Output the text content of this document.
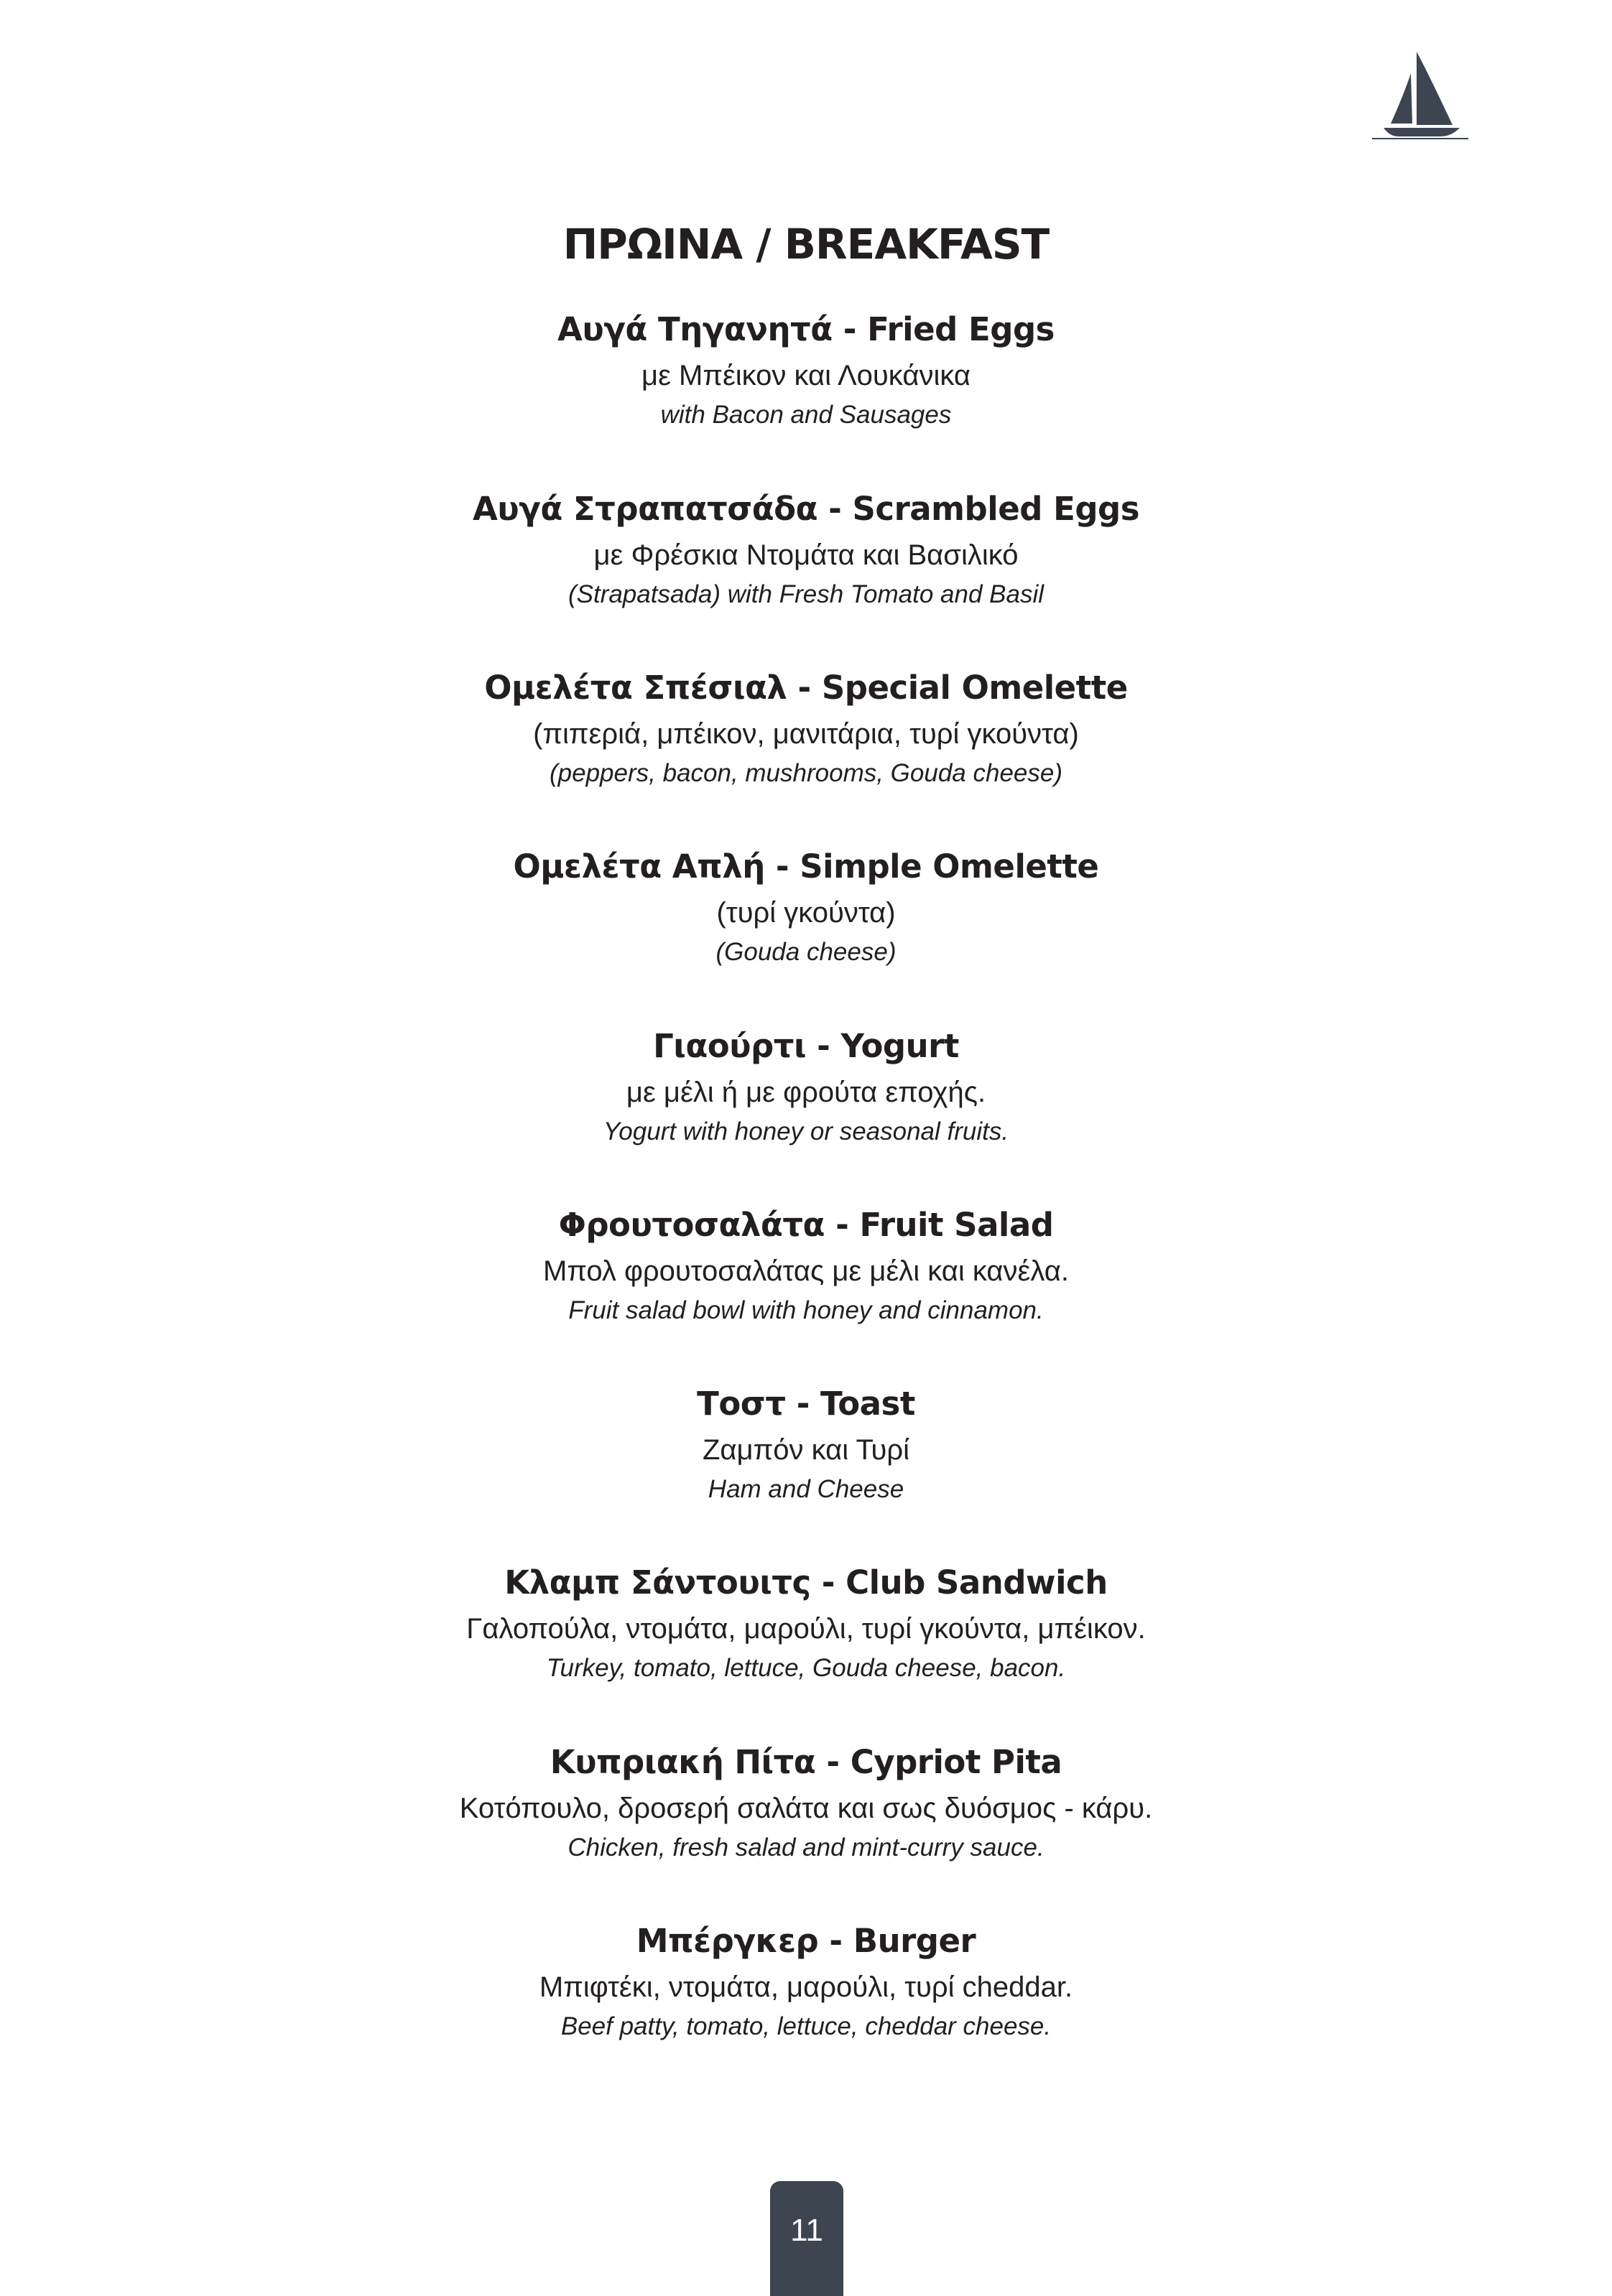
ΠΡΩΙΝΑ / BREAKFAST
Αυγά Τηγανητά - Fried Eggs
με Μπέικον και Λουκάνικα
with Bacon and Sausages
Αυγά Στραπατσάδα - Scrambled Eggs
με Φρέσκια Ντομάτα και Βασιλικό
(Strapatsada) with Fresh Tomato and Basil
Ομελέτα Σπέσιαλ - Special Omelette
(πιπεριά, μπέικον, μανιτάρια, τυρί γκούντα)
(peppers, bacon, mushrooms, Gouda cheese)
Ομελέτα Απλή - Simple Omelette
(τυρί γκούντα)
(Gouda cheese)
Γιαούρτι - Yogurt
με μέλι ή με φρούτα εποχής.
Yogurt with honey or seasonal fruits.
Φρουτοσαλάτα - Fruit Salad
Μπολ φρουτοσαλάτας με μέλι και κανέλα.
Fruit salad bowl with honey and cinnamon.
Τοστ - Toast
Ζαμπόν και Τυρί
Ham and Cheese
Κλαμπ Σάντουιτς - Club Sandwich
Γαλοπούλα, ντομάτα, μαρούλι, τυρί γκούντα, μπέικον.
Turkey, tomato, lettuce, Gouda cheese, bacon.
Κυπριακή Πίτα - Cypriot Pita
Κοτόπουλο, δροσερή σαλάτα και σως δυόσμος - κάρυ.
Chicken, fresh salad and mint-curry sauce.
Μπέργκερ - Burger
Μπιφτέκι, ντομάτα, μαρούλι, τυρί cheddar.
Beef patty, tomato, lettuce, cheddar cheese.
11
